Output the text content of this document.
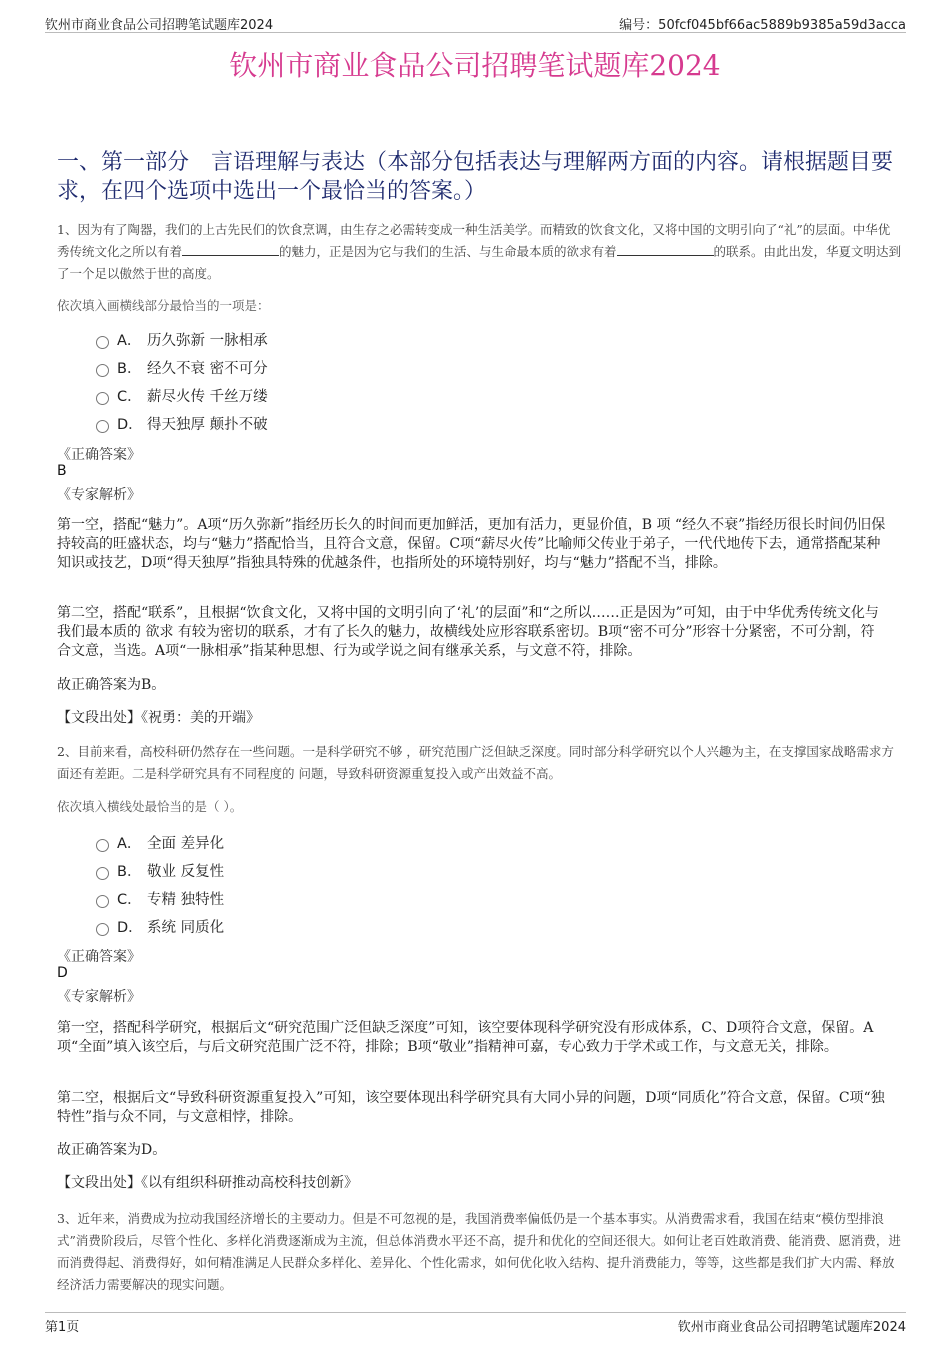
钦州市商业食品公司招聘笔试题库2024	编号：50fcf045bf66ac5889b9385a59d3acca
钦州市商业食品公司招聘笔试题库2024
一、第一部分　言语理解与表达（本部分包括表达与理解两方面的内容。请根据题目要求，在四个选项中选出一个最恰当的答案。）
1、因为有了陶器，我们的上古先民们的饮食烹调，由生存之必需转变成一种生活美学。而精致的饮食文化，又将中国的文明引向了“礼”的层面。中华优秀传统文化之所以有着	的魅力，正是因为它与我们的生活、与生命最本质的欲求有着	的联系。由此出发，华夏文明达到了一个足以傲然于世的高度。
依次填入画横线部分最恰当的一项是：
A． 历久弥新 一脉相承
B． 经久不衰 密不可分
C． 薪尽火传 千丝万缕
D． 得天独厚 颠扑不破
《正确答案》
B
《专家解析》
第一空，搭配“魅力”。A项“历久弥新”指经历长久的时间而更加鲜活，更加有活力，更显价值，B 项 “经久不衰”指经历很长时间仍旧保持较高的旺盛状态，均与“魅力”搭配恰当，且符合文意，保留。C项“薪尽火传”比喻师父传业于弟子，一代代地传下去，通常搭配某种知识或技艺，D项“得天独厚”指独具特殊的优越条件，也指所处的环境特别好，均与“魅力”搭配不当，排除。
第二空，搭配“联系”，且根据“饮食文化，又将中国的文明引向了‘礼’的层面”和“之所以……正是因为”可知，由于中华优秀传统文化与我们最本质的 欲求 有较为密切的联系，才有了长久的魅力，故横线处应形容联系密切。B项“密不可分”形容十分紧密，不可分割，符合文意，当选。A项“一脉相承”指某种思想、行为或学说之间有继承关系，与文意不符，排除。
故正确答案为B。
【文段出处】《祝勇：美的开端》
2、目前来看，高校科研仍然存在一些问题。一是科学研究不够 ，研究范围广泛但缺乏深度。同时部分科学研究以个人兴趣为主，在支撑国家战略需求方面还有差距。二是科学研究具有不同程度的 问题，导致科研资源重复投入或产出效益不高。
依次填入横线处最恰当的是（ ）。
A． 全面 差异化
B． 敬业 反复性
C． 专精 独特性
D． 系统 同质化
《正确答案》
D
《专家解析》
第一空，搭配科学研究，根据后文“研究范围广泛但缺乏深度”可知，该空要体现科学研究没有形成体系，C、D项符合文意，保留。A项“全面”填入该空后，与后文研究范围广泛不符，排除；B项“敬业”指精神可嘉，专心致力于学术或工作，与文意无关，排除。
第二空，根据后文“导致科研资源重复投入”可知，该空要体现出科学研究具有大同小异的问题，D项“同质化”符合文意，保留。C项“独特性”指与众不同，与文意相悖，排除。
故正确答案为D。
【文段出处】《以有组织科研推动高校科技创新》
3、近年来，消费成为拉动我国经济增长的主要动力。但是不可忽视的是，我国消费率偏低仍是一个基本事实。从消费需求看，我国在结束“模仿型排浪式”消费阶段后，尽管个性化、多样化消费逐渐成为主流，但总体消费水平还不高，提升和优化的空间还很大。如何让老百姓敢消费、能消费、愿消费，进而消费得起、消费得好，如何精准满足人民群众多样化、差异化、个性化需求，如何优化收入结构、提升消费能力，等等，这些都是我们扩大内需、释放经济活力需要解决的现实问题。
第1页	钦州市商业食品公司招聘笔试题库2024
